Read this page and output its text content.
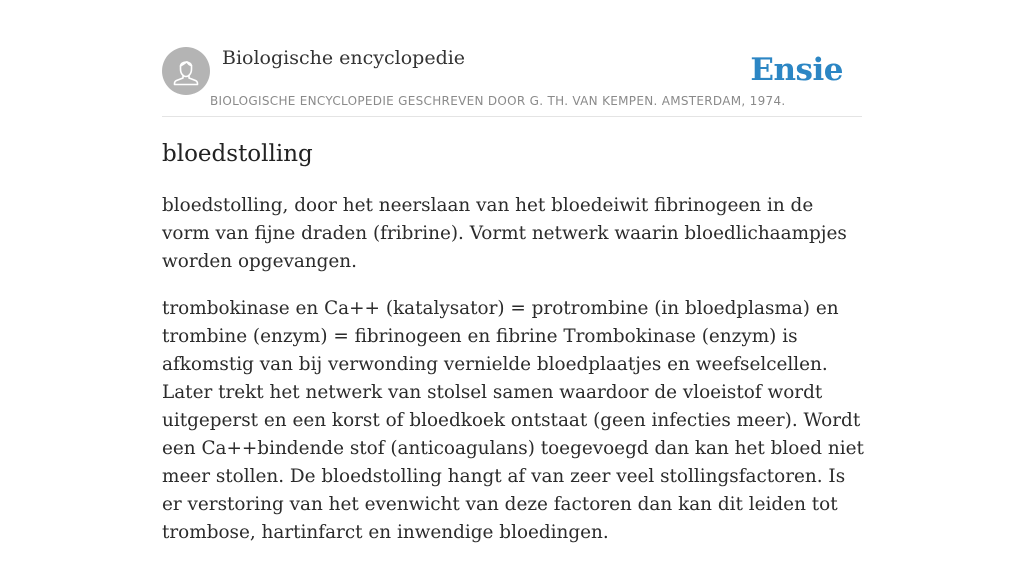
Biologische encyclopedie	Ensie
BIOLOGISCHE ENCYCLOPEDIE GESCHREVEN DOOR G. TH. VAN KEMPEN. AMSTERDAM, 1974.
bloedstolling

bloedstolling, door het neerslaan van het bloedeiwit fibrinogeen in de vorm van fijne draden (fribrine). Vormt netwerk waarin bloedlichaampjes worden opgevangen.

trombokinase en Ca++ (katalysator) = protrombine (in bloedplasma) en trombine (enzym) = fibrinogeen en fibrine Trombokinase (enzym) is afkomstig van bij verwonding vernielde bloedplaatjes en weefselcellen. Later trekt het netwerk van stolsel samen waardoor de vloeistof wordt uitgeperst en een korst of bloedkoek ontstaat (geen infecties meer). Wordt een Ca++bindende stof (anticoagulans) toegevoegd dan kan het bloed niet meer stollen. De bloedstolling hangt af van zeer veel stollingsfactoren. Is er verstoring van het evenwicht van deze factoren dan kan dit leiden tot trombose, hartinfarct en inwendige bloedingen.
